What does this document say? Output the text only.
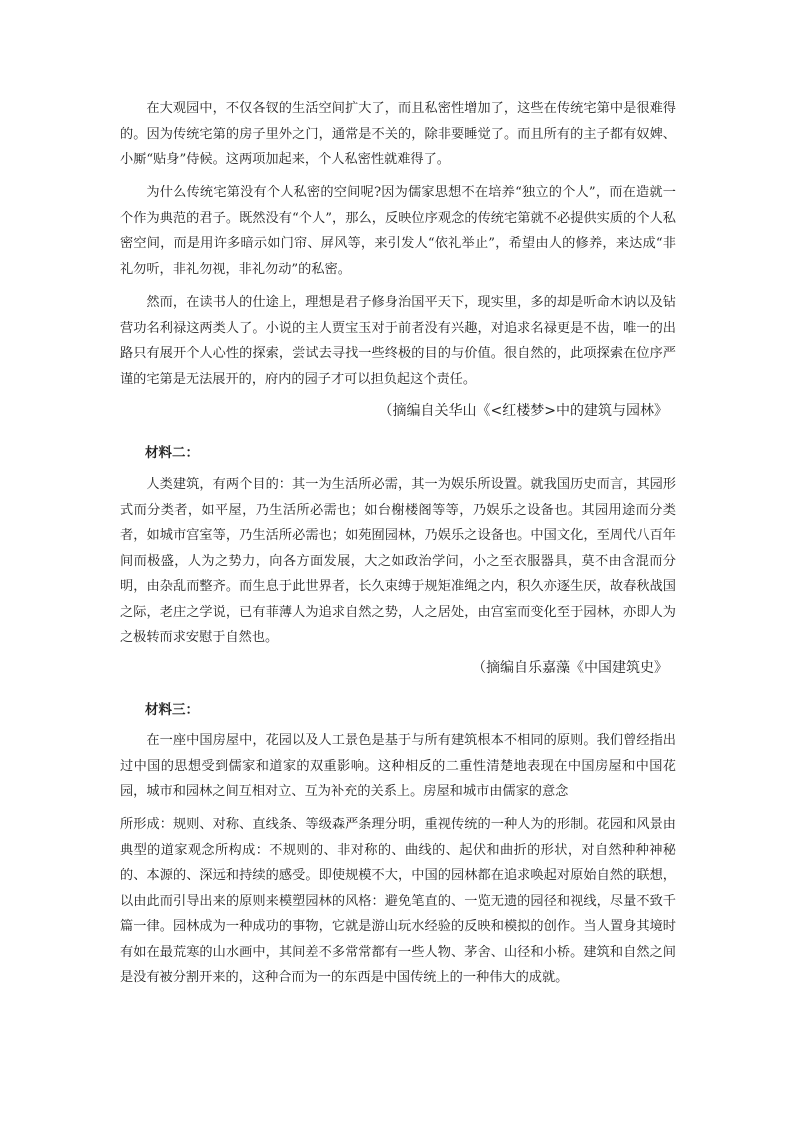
在大观园中，不仅各钗的生活空间扩大了，而且私密性增加了，这些在传统宅第中是很难得的。因为传统宅第的房子里外之门，通常是不关的，除非要睡觉了。而且所有的主子都有奴婢、小厮“贴身”侍候。这两项加起来，个人私密性就难得了。

为什么传统宅第没有个人私密的空间呢?因为儒家思想不在培养“独立的个人”，而在造就一个作为典范的君子。既然没有“个人”，那么，反映位序观念的传统宅第就不必提供实质的个人私密空间，而是用许多暗示如门帘、屏风等，来引发人“依礼举止”，希望由人的修养，来达成“非礼勿听，非礼勿视，非礼勿动”的私密。

然而，在读书人的仕途上，理想是君子修身治国平天下，现实里，多的却是听命木讷以及钻营功名利禄这两类人了。小说的主人贾宝玉对于前者没有兴趣，对追求名禄更是不齿，唯一的出路只有展开个人心性的探索，尝试去寻找一些终极的目的与价值。很自然的，此项探索在位序严谨的宅第是无法展开的，府内的园子才可以担负起这个责任。

（摘编自关华山《<红楼梦>中的建筑与园林》

材料二：

人类建筑，有两个目的：其一为生活所必需，其一为娱乐所设置。就我国历史而言，其园形式而分类者，如平屋，乃生活所必需也；如台榭楼阁等等，乃娱乐之设备也。其园用途而分类者，如城市宫室等，乃生活所必需也；如苑囿园林，乃娱乐之设备也。中国文化，至周代八百年间而极盛，人为之势力，向各方面发展，大之如政治学问，小之至衣服器具，莫不由含混而分明，由杂乱而整齐。而生息于此世界者，长久束缚于规矩准绳之内，积久亦逐生厌，故春秋战国之际，老庄之学说，已有菲薄人为追求自然之势，人之居处，由宫室而变化至于园林，亦即人为之极转而求安慰于自然也。

（摘编自乐嘉藻《中国建筑史》

材料三：

在一座中国房屋中，花园以及人工景色是基于与所有建筑根本不相同的原则。我们曾经指出过中国的思想受到儒家和道家的双重影响。这种相反的二重性清楚地表现在中国房屋和中国花园，城市和园林之间互相对立、互为补充的关系上。房屋和城市由儒家的意念

所形成：规则、对称、直线条、等级森严条理分明，重视传统的一种人为的形制。花园和风景由典型的道家观念所构成：不规则的、非对称的、曲线的、起伏和曲折的形状，对自然种种神秘的、本源的、深远和持续的感受。即使规模不大，中国的园林都在追求唤起对原始自然的联想，以由此而引导出来的原则来模塑园林的风格：避免笔直的、一览无遗的园径和视线，尽量不致千篇一律。园林成为一种成功的事物，它就是游山玩水经验的反映和模拟的创作。当人置身其境时有如在最荒寒的山水画中，其间差不多常常都有一些人物、茅舍、山径和小桥。建筑和自然之间是没有被分割开来的，这种合而为一的东西是中国传统上的一种伟大的成就。
